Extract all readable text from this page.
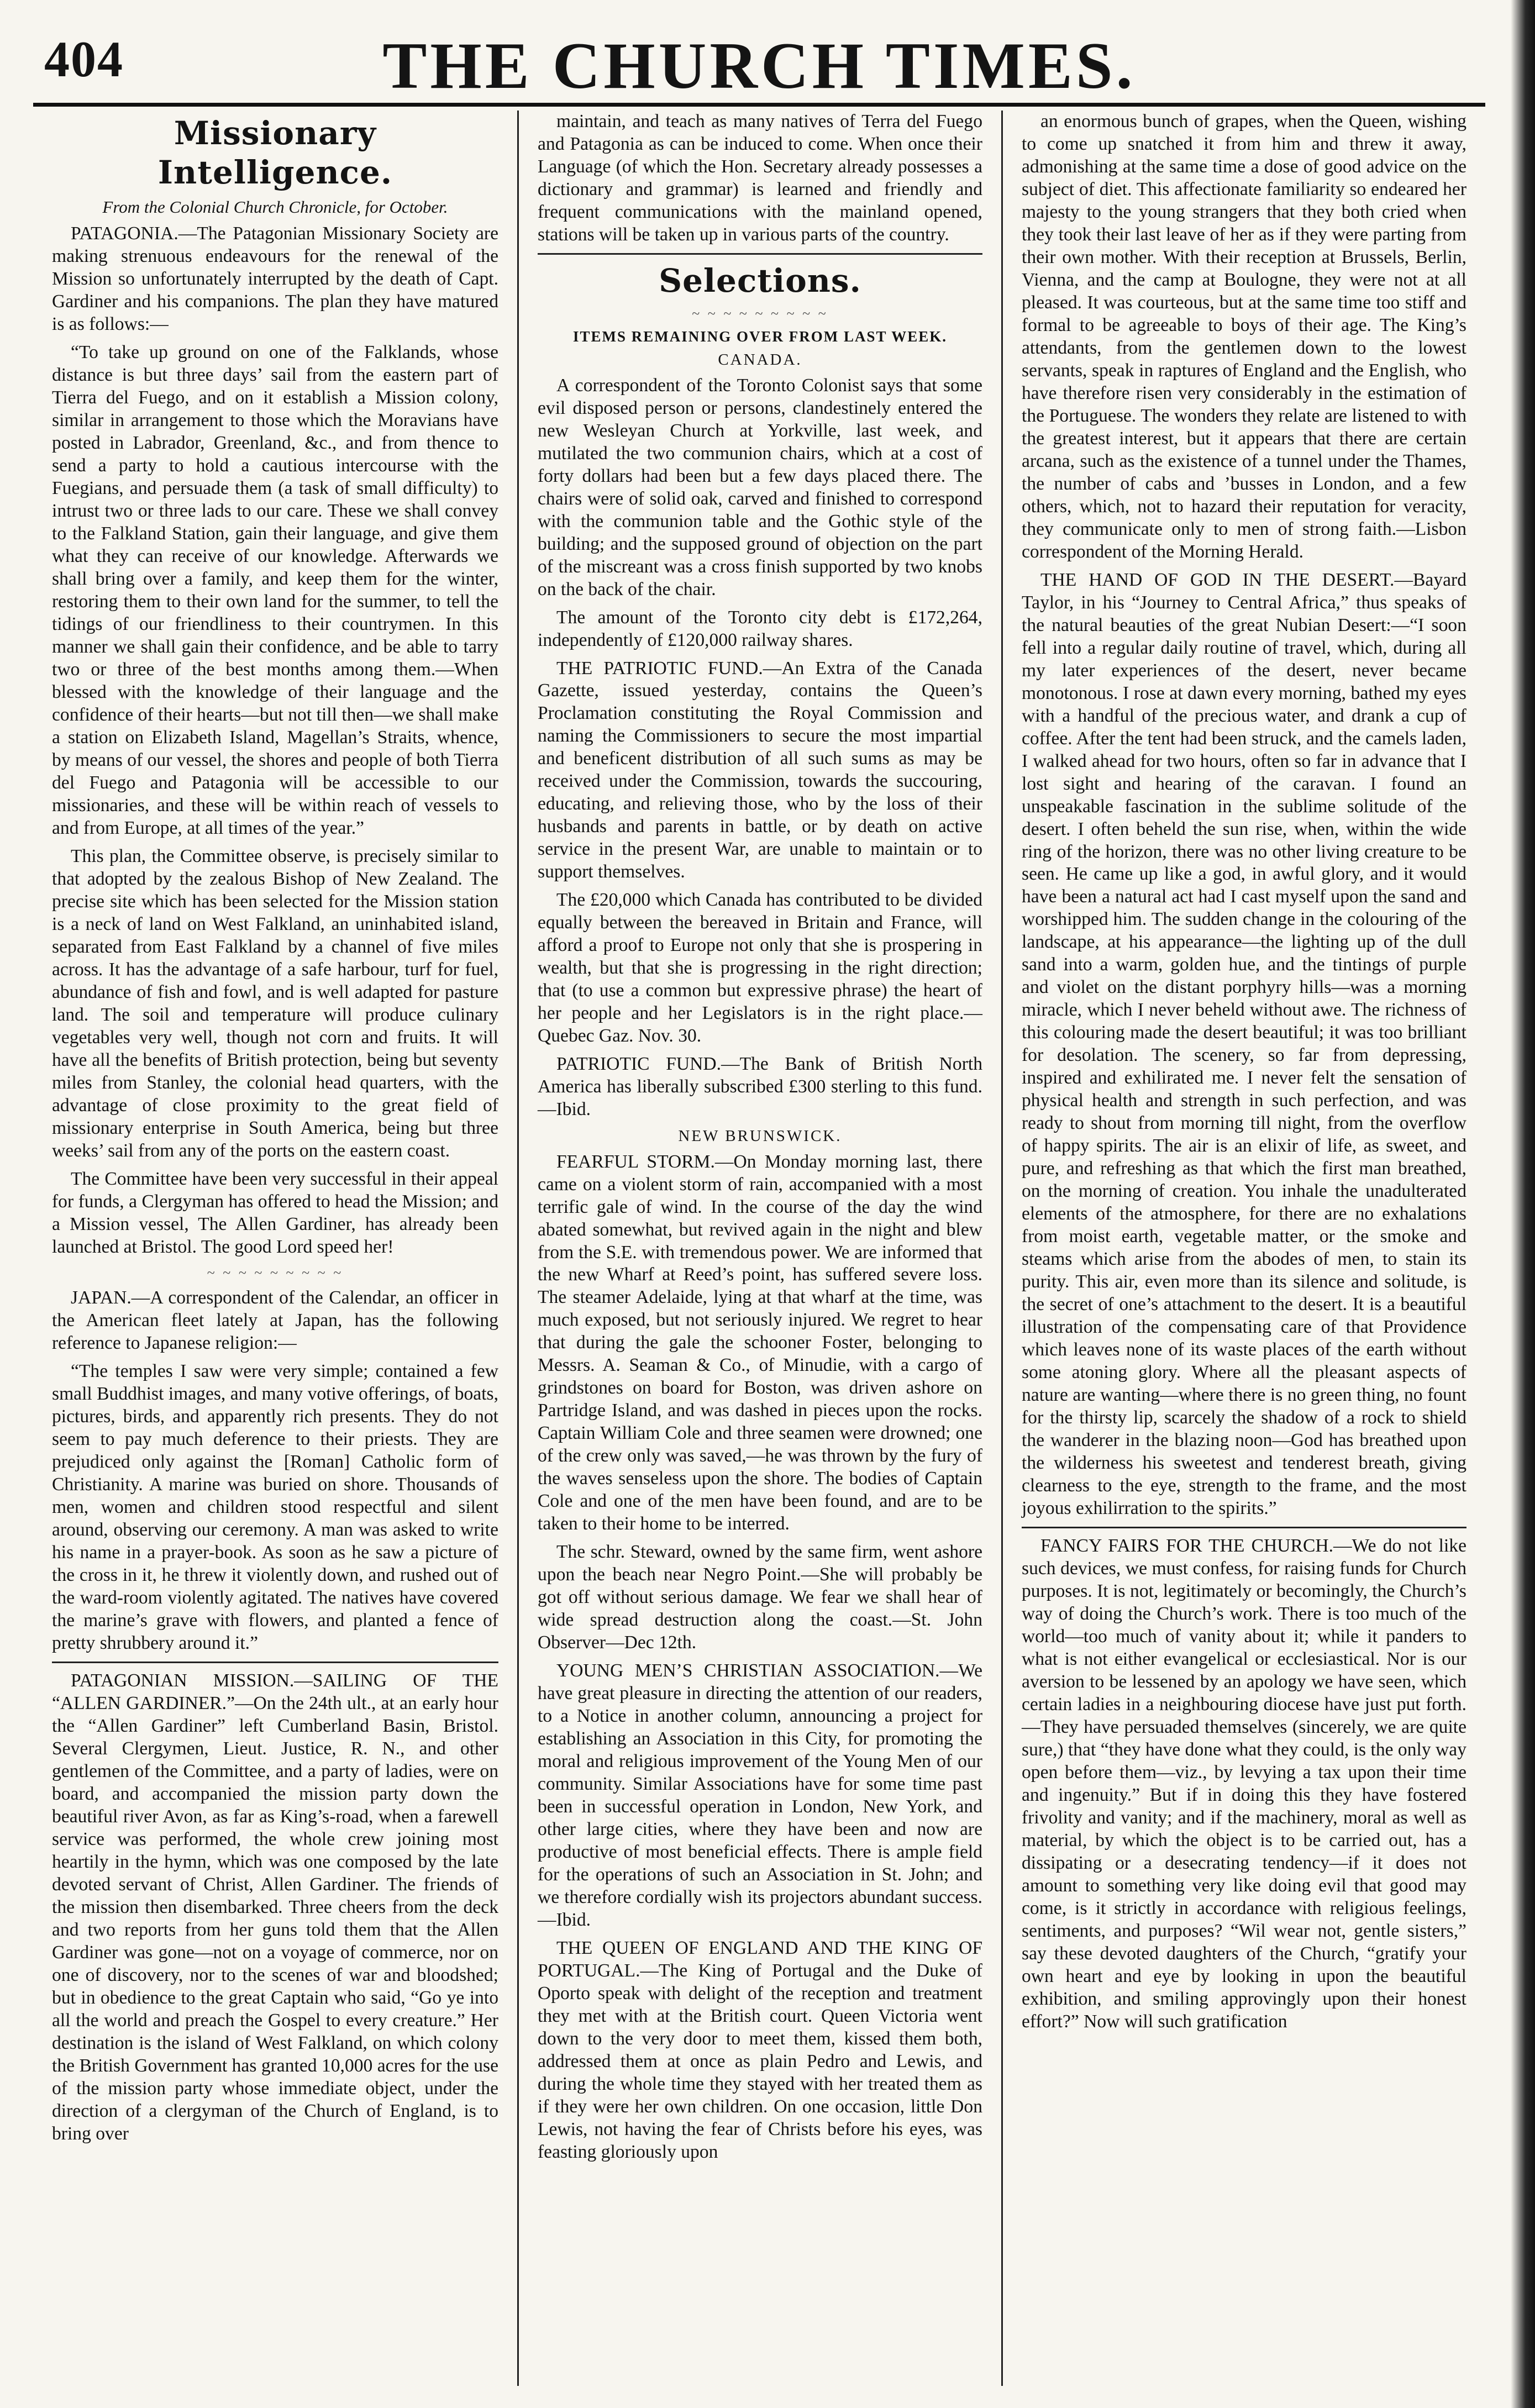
404	THE CHURCH TIMES.
Missionary Intelligence.
From the Colonial Church Chronicle, for October.

PATAGONIA.—The Patagonian Missionary Society are making strenuous endeavours for the renewal of the Mission so unfortunately interrupted by the death of Capt. Gardiner and his companions. The plan they have matured is as follows:—

“To take up ground on one of the Falklands, whose distance is but three days’ sail from the eastern part of Tierra del Fuego, and on it establish a Mission colony, similar in arrangement to those which the Moravians have posted in Labrador, Greenland, &c., and from thence to send a party to hold a cautious intercourse with the Fuegians, and persuade them (a task of small difficulty) to intrust two or three lads to our care. These we shall convey to the Falkland Station, gain their language, and give them what they can receive of our knowledge. Afterwards we shall bring over a family, and keep them for the winter, restoring them to their own land for the summer, to tell the tidings of our friendliness to their countrymen. In this manner we shall gain their confidence, and be able to tarry two or three of the best months among them.—When blessed with the knowledge of their language and the confidence of their hearts—but not till then—we shall make a station on Elizabeth Island, Magellan’s Straits, whence, by means of our vessel, the shores and people of both Tierra del Fuego and Patagonia will be accessible to our missionaries, and these will be within reach of vessels to and from Europe, at all times of the year.”

This plan, the Committee observe, is precisely similar to that adopted by the zealous Bishop of New Zealand. The precise site which has been selected for the Mission station is a neck of land on West Falkland, an uninhabited island, separated from East Falkland by a channel of five miles across. It has the advantage of a safe harbour, turf for fuel, abundance of fish and fowl, and is well adapted for pasture land. The soil and temperature will produce culinary vegetables very well, though not corn and fruits. It will have all the benefits of British protection, being but seventy miles from Stanley, the colonial head quarters, with the advantage of close proximity to the great field of missionary enterprise in South America, being but three weeks’ sail from any of the ports on the eastern coast.

The Committee have been very successful in their appeal for funds, a Clergyman has offered to head the Mission; and a Mission vessel, The Allen Gardiner, has already been launched at Bristol. The good Lord speed her!

~ ~ ~ ~ ~ ~ ~ ~ ~

JAPAN.—A correspondent of the Calendar, an officer in the American fleet lately at Japan, has the following reference to Japanese religion:—

“The temples I saw were very simple; contained a few small Buddhist images, and many votive offerings, of boats, pictures, birds, and apparently rich presents. They do not seem to pay much deference to their priests. They are prejudiced only against the [Roman] Catholic form of Christianity. A marine was buried on shore. Thousands of men, women and children stood respectful and silent around, observing our ceremony. A man was asked to write his name in a prayer-book. As soon as he saw a picture of the cross in it, he threw it violently down, and rushed out of the ward-room violently agitated. The natives have covered the marine’s grave with flowers, and planted a fence of pretty shrubbery around it.”

PATAGONIAN MISSION.—SAILING OF THE “ALLEN GARDINER.”—On the 24th ult., at an early hour the “Allen Gardiner” left Cumberland Basin, Bristol. Several Clergymen, Lieut. Justice, R. N., and other gentlemen of the Committee, and a party of ladies, were on board, and accompanied the mission party down the beautiful river Avon, as far as King’s-road, when a farewell service was performed, the whole crew joining most heartily in the hymn, which was one composed by the late devoted servant of Christ, Allen Gardiner. The friends of the mission then disembarked. Three cheers from the deck and two reports from her guns told them that the Allen Gardiner was gone—not on a voyage of commerce, nor on one of discovery, nor to the scenes of war and bloodshed; but in obedience to the great Captain who said, “Go ye into all the world and preach the Gospel to every creature.” Her destination is the island of West Falkland, on which colony the British Government has granted 10,000 acres for the use of the mission party whose immediate object, under the direction of a clergyman of the Church of England, is to bring over

maintain, and teach as many natives of Terra del Fuego and Patagonia as can be induced to come. When once their Language (of which the Hon. Secretary already possesses a dictionary and grammar) is learned and friendly and frequent communications with the mainland opened, stations will be taken up in various parts of the country.

Selections.
~ ~ ~ ~ ~ ~ ~ ~ ~
ITEMS REMAINING OVER FROM LAST WEEK.
CANADA.

A correspondent of the Toronto Colonist says that some evil disposed person or persons, clandestinely entered the new Wesleyan Church at Yorkville, last week, and mutilated the two communion chairs, which at a cost of forty dollars had been but a few days placed there. The chairs were of solid oak, carved and finished to correspond with the communion table and the Gothic style of the building; and the supposed ground of objection on the part of the miscreant was a cross finish supported by two knobs on the back of the chair.

The amount of the Toronto city debt is £172,264, independently of £120,000 railway shares.

THE PATRIOTIC FUND.—An Extra of the Canada Gazette, issued yesterday, contains the Queen’s Proclamation constituting the Royal Commission and naming the Commissioners to secure the most impartial and beneficent distribution of all such sums as may be received under the Commission, towards the succouring, educating, and relieving those, who by the loss of their husbands and parents in battle, or by death on active service in the present War, are unable to maintain or to support themselves.

The £20,000 which Canada has contributed to be divided equally between the bereaved in Britain and France, will afford a proof to Europe not only that she is prospering in wealth, but that she is progressing in the right direction; that (to use a common but expressive phrase) the heart of her people and her Legislators is in the right place.—Quebec Gaz. Nov. 30.

PATRIOTIC FUND.—The Bank of British North America has liberally subscribed £300 sterling to this fund.—Ibid.

NEW BRUNSWICK.

FEARFUL STORM.—On Monday morning last, there came on a violent storm of rain, accompanied with a most terrific gale of wind. In the course of the day the wind abated somewhat, but revived again in the night and blew from the S.E. with tremendous power. We are informed that the new Wharf at Reed’s point, has suffered severe loss. The steamer Adelaide, lying at that wharf at the time, was much exposed, but not seriously injured. We regret to hear that during the gale the schooner Foster, belonging to Messrs. A. Seaman & Co., of Minudie, with a cargo of grindstones on board for Boston, was driven ashore on Partridge Island, and was dashed in pieces upon the rocks. Captain William Cole and three seamen were drowned; one of the crew only was saved,—he was thrown by the fury of the waves senseless upon the shore. The bodies of Captain Cole and one of the men have been found, and are to be taken to their home to be interred.

The schr. Steward, owned by the same firm, went ashore upon the beach near Negro Point.—She will probably be got off without serious damage. We fear we shall hear of wide spread destruction along the coast.—St. John Observer—Dec 12th.

YOUNG MEN’S CHRISTIAN ASSOCIATION.—We have great pleasure in directing the attention of our readers, to a Notice in another column, announcing a project for establishing an Association in this City, for promoting the moral and religious improvement of the Young Men of our community. Similar Associations have for some time past been in successful operation in London, New York, and other large cities, where they have been and now are productive of most beneficial effects. There is ample field for the operations of such an Association in St. John; and we therefore cordially wish its projectors abundant success.—Ibid.

THE QUEEN OF ENGLAND AND THE KING OF PORTUGAL.—The King of Portugal and the Duke of Oporto speak with delight of the reception and treatment they met with at the British court. Queen Victoria went down to the very door to meet them, kissed them both, addressed them at once as plain Pedro and Lewis, and during the whole time they stayed with her treated them as if they were her own children. On one occasion, little Don Lewis, not having the fear of Christs before his eyes, was feasting gloriously upon

an enormous bunch of grapes, when the Queen, wishing to come up snatched it from him and threw it away, admonishing at the same time a dose of good advice on the subject of diet. This affectionate familiarity so endeared her majesty to the young strangers that they both cried when they took their last leave of her as if they were parting from their own mother. With their reception at Brussels, Berlin, Vienna, and the camp at Boulogne, they were not at all pleased. It was courteous, but at the same time too stiff and formal to be agreeable to boys of their age. The King’s attendants, from the gentlemen down to the lowest servants, speak in raptures of England and the English, who have therefore risen very considerably in the estimation of the Portuguese. The wonders they relate are listened to with the greatest interest, but it appears that there are certain arcana, such as the existence of a tunnel under the Thames, the number of cabs and ’busses in London, and a few others, which, not to hazard their reputation for veracity, they communicate only to men of strong faith.—Lisbon correspondent of the Morning Herald.

THE HAND OF GOD IN THE DESERT.—Bayard Taylor, in his “Journey to Central Africa,” thus speaks of the natural beauties of the great Nubian Desert:—“I soon fell into a regular daily routine of travel, which, during all my later experiences of the desert, never became monotonous. I rose at dawn every morning, bathed my eyes with a handful of the precious water, and drank a cup of coffee. After the tent had been struck, and the camels laden, I walked ahead for two hours, often so far in advance that I lost sight and hearing of the caravan. I found an unspeakable fascination in the sublime solitude of the desert. I often beheld the sun rise, when, within the wide ring of the horizon, there was no other living creature to be seen. He came up like a god, in awful glory, and it would have been a natural act had I cast myself upon the sand and worshipped him. The sudden change in the colouring of the landscape, at his appearance—the lighting up of the dull sand into a warm, golden hue, and the tintings of purple and violet on the distant porphyry hills—was a morning miracle, which I never beheld without awe. The richness of this colouring made the desert beautiful; it was too brilliant for desolation. The scenery, so far from depressing, inspired and exhilirated me. I never felt the sensation of physical health and strength in such perfection, and was ready to shout from morning till night, from the overflow of happy spirits. The air is an elixir of life, as sweet, and pure, and refreshing as that which the first man breathed, on the morning of creation. You inhale the unadulterated elements of the atmosphere, for there are no exhalations from moist earth, vegetable matter, or the smoke and steams which arise from the abodes of men, to stain its purity. This air, even more than its silence and solitude, is the secret of one’s attachment to the desert. It is a beautiful illustration of the compensating care of that Providence which leaves none of its waste places of the earth without some atoning glory. Where all the pleasant aspects of nature are wanting—where there is no green thing, no fount for the thirsty lip, scarcely the shadow of a rock to shield the wanderer in the blazing noon—God has breathed upon the wilderness his sweetest and tenderest breath, giving clearness to the eye, strength to the frame, and the most joyous exhilirration to the spirits.”

FANCY FAIRS FOR THE CHURCH.—We do not like such devices, we must confess, for raising funds for Church purposes. It is not, legitimately or becomingly, the Church’s way of doing the Church’s work. There is too much of the world—too much of vanity about it; while it panders to what is not either evangelical or ecclesiastical. Nor is our aversion to be lessened by an apology we have seen, which certain ladies in a neighbouring diocese have just put forth.—They have persuaded themselves (sincerely, we are quite sure,) that “they have done what they could, is the only way open before them—viz., by levying a tax upon their time and ingenuity.” But if in doing this they have fostered frivolity and vanity; and if the machinery, moral as well as material, by which the object is to be carried out, has a dissipating or a desecrating tendency—if it does not amount to something very like doing evil that good may come, is it strictly in accordance with religious feelings, sentiments, and purposes? “Wil wear not, gentle sisters,” say these devoted daughters of the Church, “gratify your own heart and eye by looking in upon the beautiful exhibition, and smiling approvingly upon their honest effort?” Now will such gratification
